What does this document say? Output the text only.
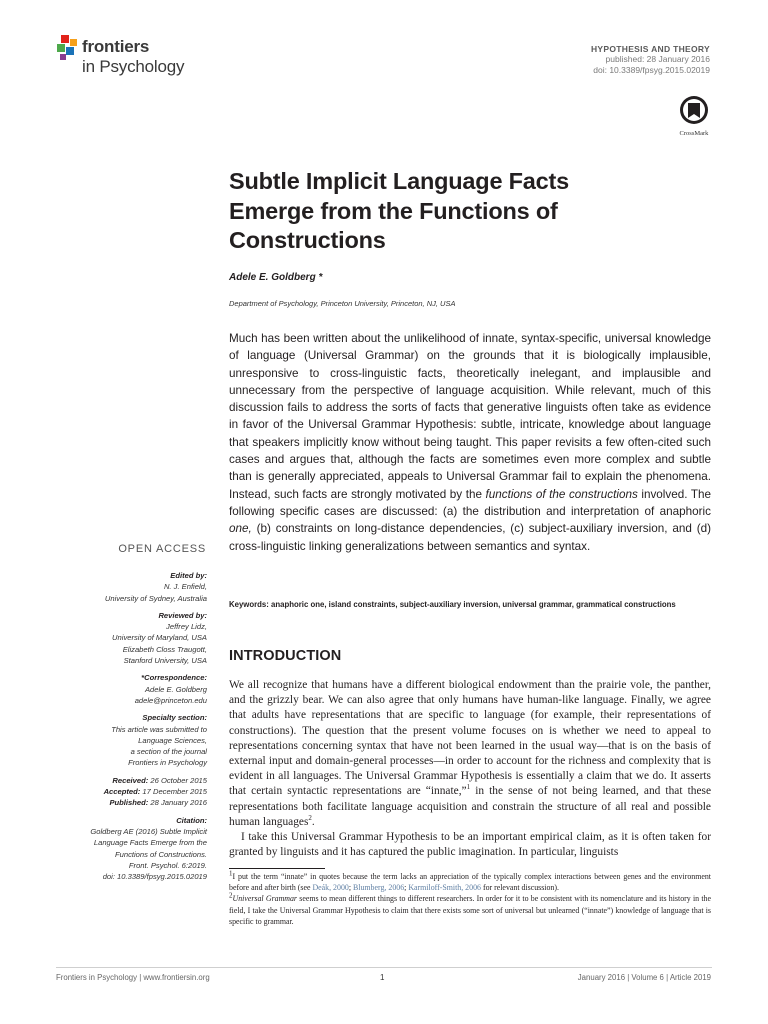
frontiers
in Psychology
HYPOTHESIS AND THEORY
published: 28 January 2016
doi: 10.3389/fpsyg.2015.02019
CrossMark
Subtle Implicit Language Facts Emerge from the Functions of Constructions
Adele E. Goldberg *
Department of Psychology, Princeton University, Princeton, NJ, USA
Much has been written about the unlikelihood of innate, syntax-specific, universal knowledge of language (Universal Grammar) on the grounds that it is biologically implausible, unresponsive to cross-linguistic facts, theoretically inelegant, and implausible and unnecessary from the perspective of language acquisition. While relevant, much of this discussion fails to address the sorts of facts that generative linguists often take as evidence in favor of the Universal Grammar Hypothesis: subtle, intricate, knowledge about language that speakers implicitly know without being taught. This paper revisits a few often-cited such cases and argues that, although the facts are sometimes even more complex and subtle than is generally appreciated, appeals to Universal Grammar fail to explain the phenomena. Instead, such facts are strongly motivated by the functions of the constructions involved. The following specific cases are discussed: (a) the distribution and interpretation of anaphoric one, (b) constraints on long-distance dependencies, (c) subject-auxiliary inversion, and (d) cross-linguistic linking generalizations between semantics and syntax.
Keywords: anaphoric one, island constraints, subject-auxiliary inversion, universal grammar, grammatical constructions
INTRODUCTION

We all recognize that humans have a different biological endowment than the prairie vole, the panther, and the grizzly bear. We can also agree that only humans have human-like language. Finally, we agree that adults have representations that are specific to language (for example, their representations of constructions). The question that the present volume focuses on is whether we need to appeal to representations concerning syntax that have not been learned in the usual way—that is on the basis of external input and domain-general processes—in order to account for the richness and complexity that is evident in all languages. The Universal Grammar Hypothesis is essentially a claim that we do. It asserts that certain syntactic representations are “innate,”$^1$ in the sense of not being learned, and that these representations both facilitate language acquisition and constrain the structure of all real and possible human languages$^2$.

I take this Universal Grammar Hypothesis to be an important empirical claim, as it is often taken for granted by linguists and it has captured the public imagination. In particular, linguists

$^1$I put the term “innate” in quotes because the term lacks an appreciation of the typically complex interactions between genes and the environment before and after birth (see Deák, 2000; Blumberg, 2006; Karmiloff-Smith, 2006 for relevant discussion).

$^2$Universal Grammar seems to mean different things to different researchers. In order for it to be consistent with its nomenclature and its history in the field, I take the Universal Grammar Hypothesis to claim that there exists some sort of universal but unlearned (“innate”) knowledge of language that is specific to grammar.

OPEN ACCESS
Edited by:
N. J. Enfield,
University of Sydney, Australia
Reviewed by:
Jeffrey Lidz,
University of Maryland, USA
Elizabeth Closs Traugott,
Stanford University, USA
*Correspondence:
Adele E. Goldberg
adele@princeton.edu
Specialty section:
This article was submitted to
Language Sciences,
a section of the journal
Frontiers in Psychology
Received: 26 October 2015
Accepted: 17 December 2015
Published: 28 January 2016
Citation:
Goldberg AE (2016) Subtle Implicit
Language Facts Emerge from the
Functions of Constructions.
Front. Psychol. 6:2019.
doi: 10.3389/fpsyg.2015.02019
Frontiers in Psychology | www.frontiersin.org	1	January 2016 | Volume 6 | Article 2019
